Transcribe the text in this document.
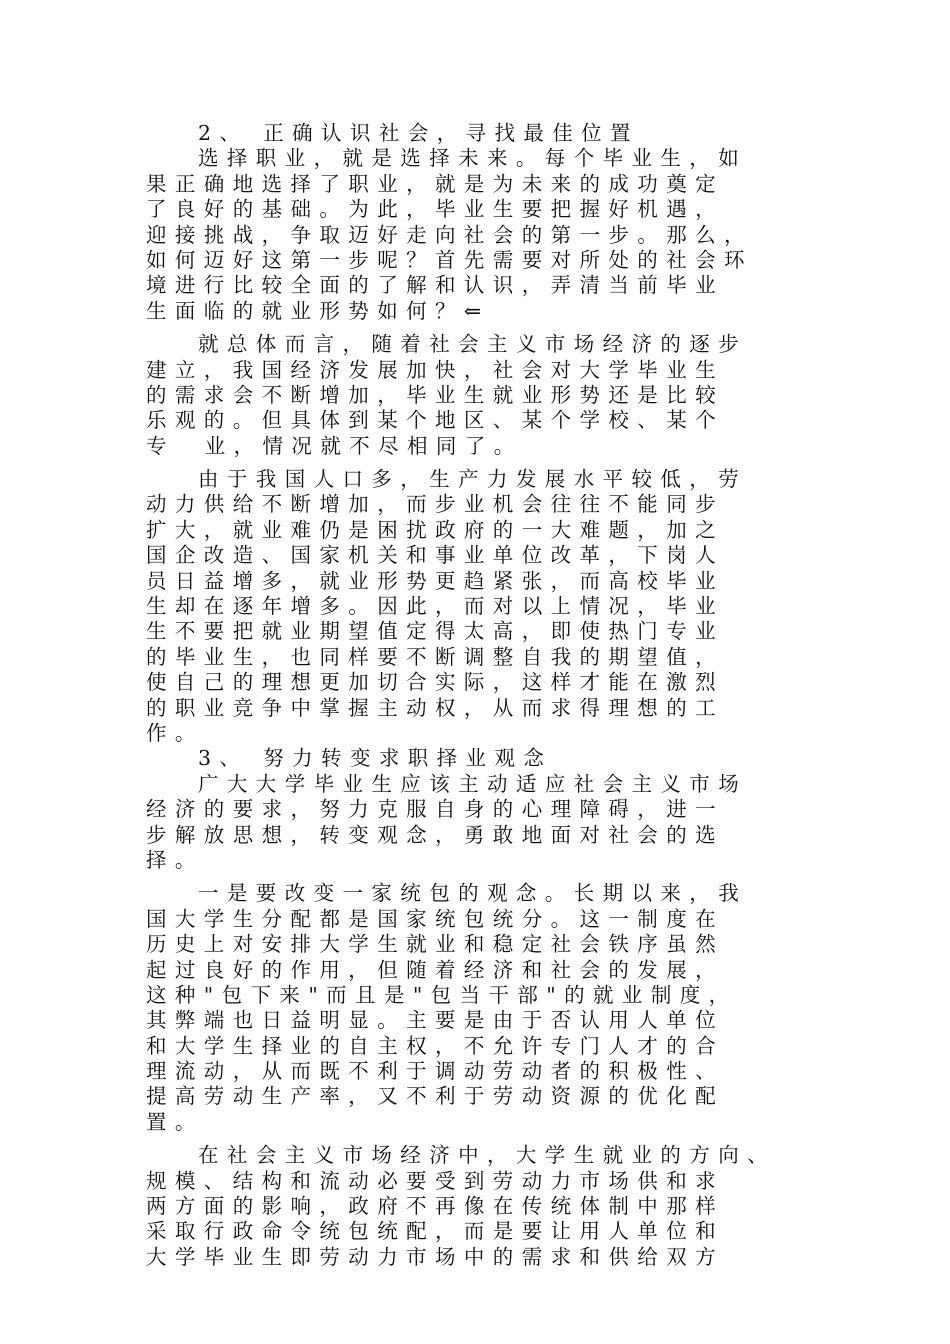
2、 正确认识社会，寻找最佳位置
选择职业，就是选择未来。每个毕业生，如
果正确地选择了职业，就是为未来的成功奠定
了良好的基础。为此，毕业生要把握好机遇，
迎接挑战，争取迈好走向社会的第一步。那么，
如何迈好这第一步呢？首先需要对所处的社会环
境进行比较全面的了解和认识，弄清当前毕业
生面临的就业形势如何？⇐
就总体而言，随着社会主义市场经济的逐步
建立，我国经济发展加快，社会对大学毕业生
的需求会不断增加，毕业生就业形势还是比较
乐观的。但具体到某个地区、某个学校、某个
专  业，情况就不尽相同了。
由于我国人口多，生产力发展水平较低，劳
动力供给不断增加，而步业机会往往不能同步
扩大，就业难仍是困扰政府的一大难题，加之
国企改造、国家机关和事业单位改革，下岗人
员日益增多，就业形势更趋紧张，而高校毕业
生却在逐年增多。因此，而对以上情况，毕业
生不要把就业期望值定得太高，即使热门专业
的毕业生，也同样要不断调整自我的期望值，
使自己的理想更加切合实际，这样才能在激烈
的职业竞争中掌握主动权，从而求得理想的工
作。
3、 努力转变求职择业观念
广大大学毕业生应该主动适应社会主义市场
经济的要求，努力克服自身的心理障碍，进一
步解放思想，转变观念，勇敢地面对社会的选
择。
一是要改变一家统包的观念。长期以来，我
国大学生分配都是国家统包统分。这一制度在
历史上对安排大学生就业和稳定社会铁序虽然
起过良好的作用，但随着经济和社会的发展，
这种"包下来"而且是"包当干部"的就业制度，
其弊端也日益明显。主要是由于否认用人单位
和大学生择业的自主权，不允许专门人才的合
理流动，从而既不利于调动劳动者的积极性、
提高劳动生产率，又不利于劳动资源的优化配
置。
在社会主义市场经济中，大学生就业的方向、
规模、结构和流动必要受到劳动力市场供和求
两方面的影响，政府不再像在传统体制中那样
采取行政命令统包统配，而是要让用人单位和
大学毕业生即劳动力市场中的需求和供给双方
